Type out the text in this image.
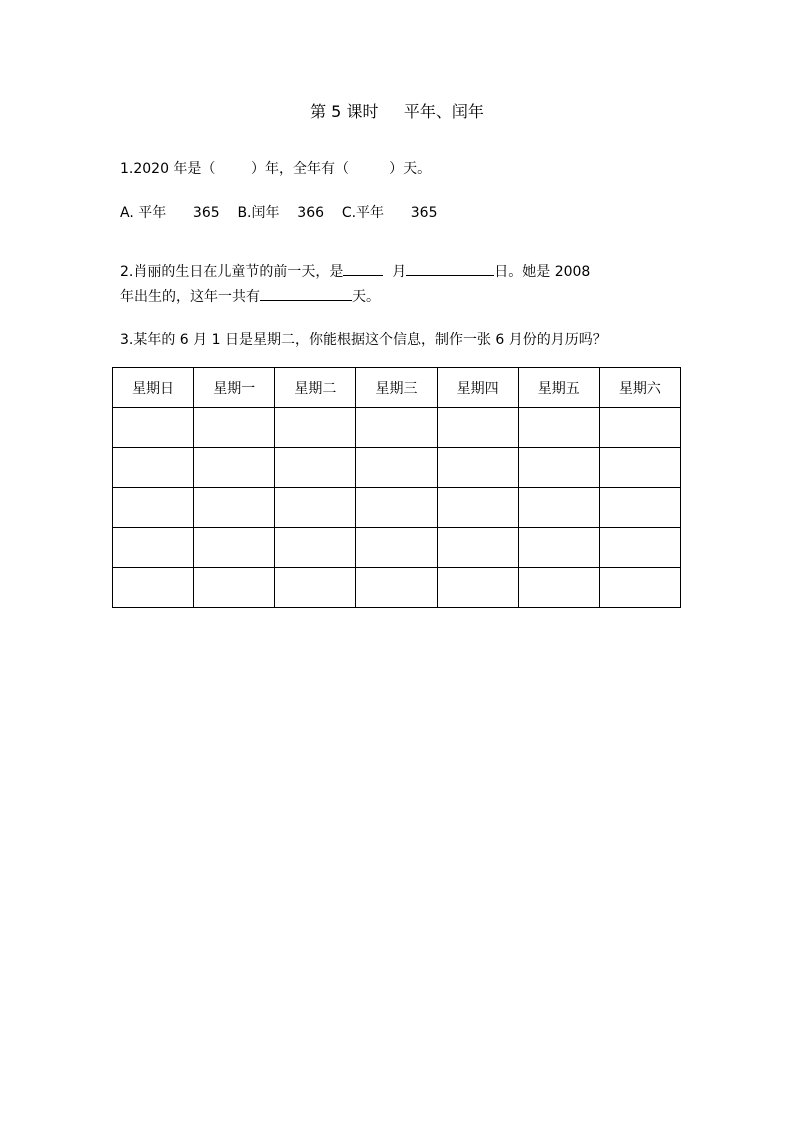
第 5 课时     平年、闰年
1.2020 年是（        ）年，全年有（         ）天。
A. 平年      365    B.闰年    366    C.平年      365
2.肖丽的生日在儿童节的前一天，是	月	日。她是 2008
年出生的，这年一共有	天。
3.某年的 6 月 1 日是星期二，你能根据这个信息，制作一张 6 月份的月历吗？
星期日	星期一	星期二	星期三	星期四	星期五	星期六
